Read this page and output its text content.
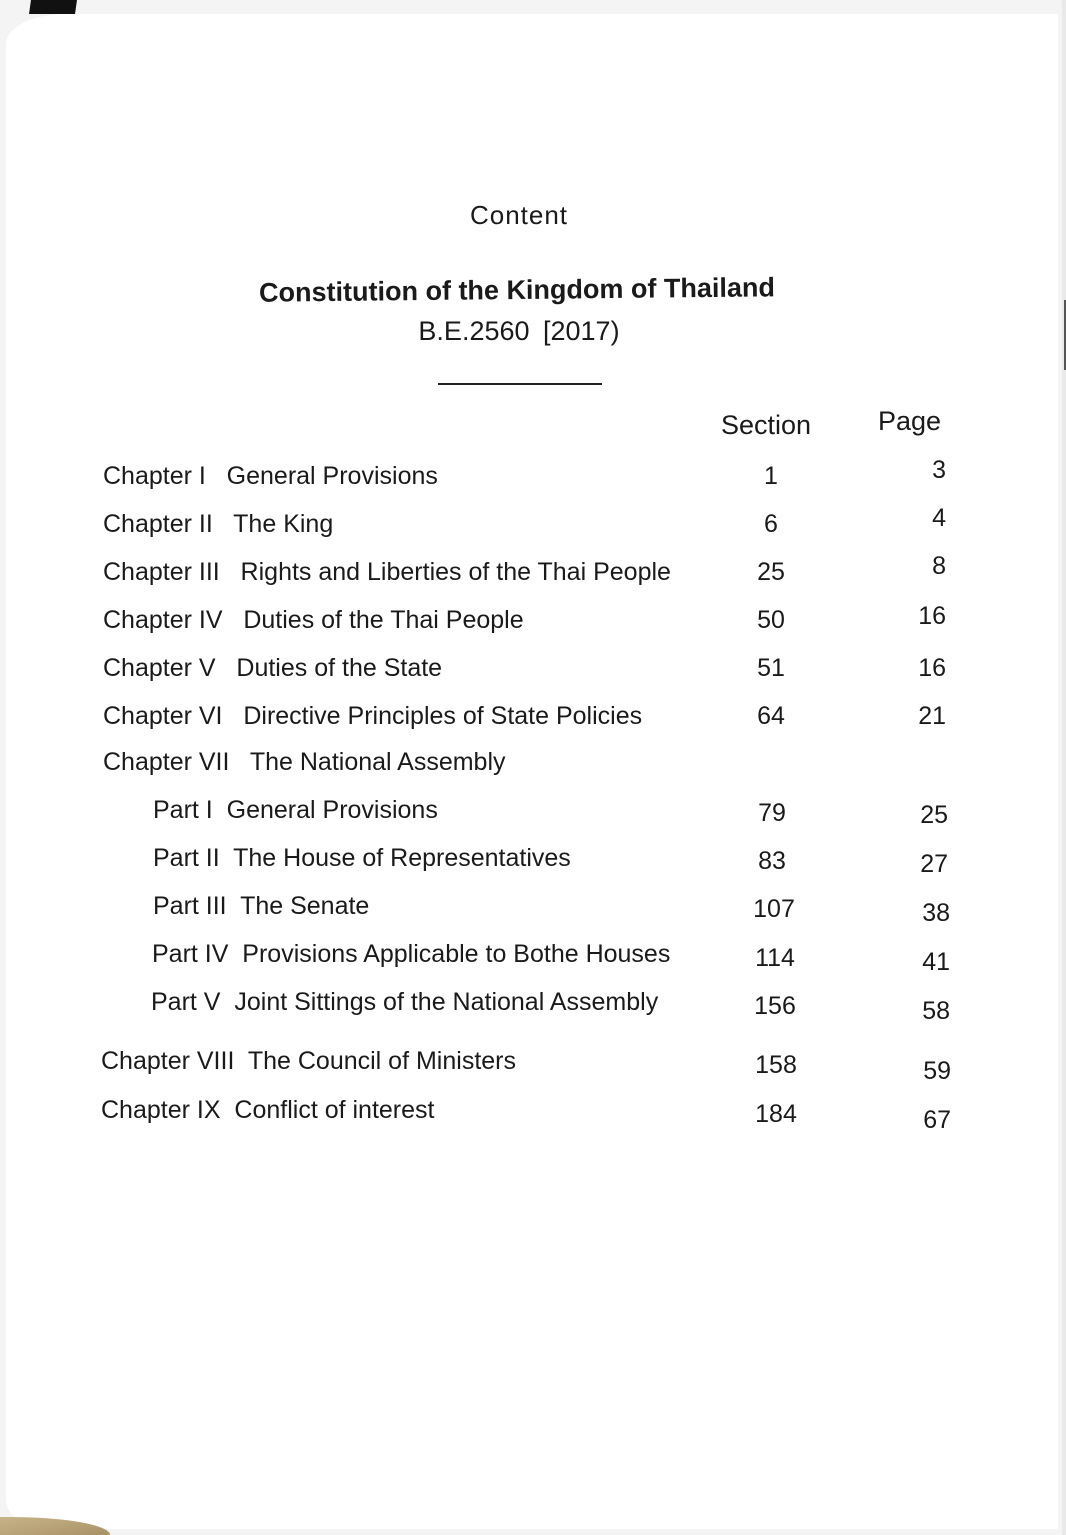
Content
Constitution of the Kingdom of Thailand
B.E.2560 [2017)
Section Page
Chapter I   General Provisions	1	3
Chapter II   The King	6	4
Chapter III   Rights and Liberties of the Thai People	25	8
Chapter IV   Duties of the Thai People	50	16
Chapter V   Duties of the State	51	16
Chapter VI   Directive Principles of State Policies	64	21
Chapter VII   The National Assembly
Part I  General Provisions	79	25
Part II  The House of Representatives	83	27
Part III  The Senate	107	38
Part IV  Provisions Applicable to Bothe Houses	114	41
Part V  Joint Sittings of the National Assembly	156	58
Chapter VIII  The Council of Ministers	158	59
Chapter IX  Conflict of interest	184	67
